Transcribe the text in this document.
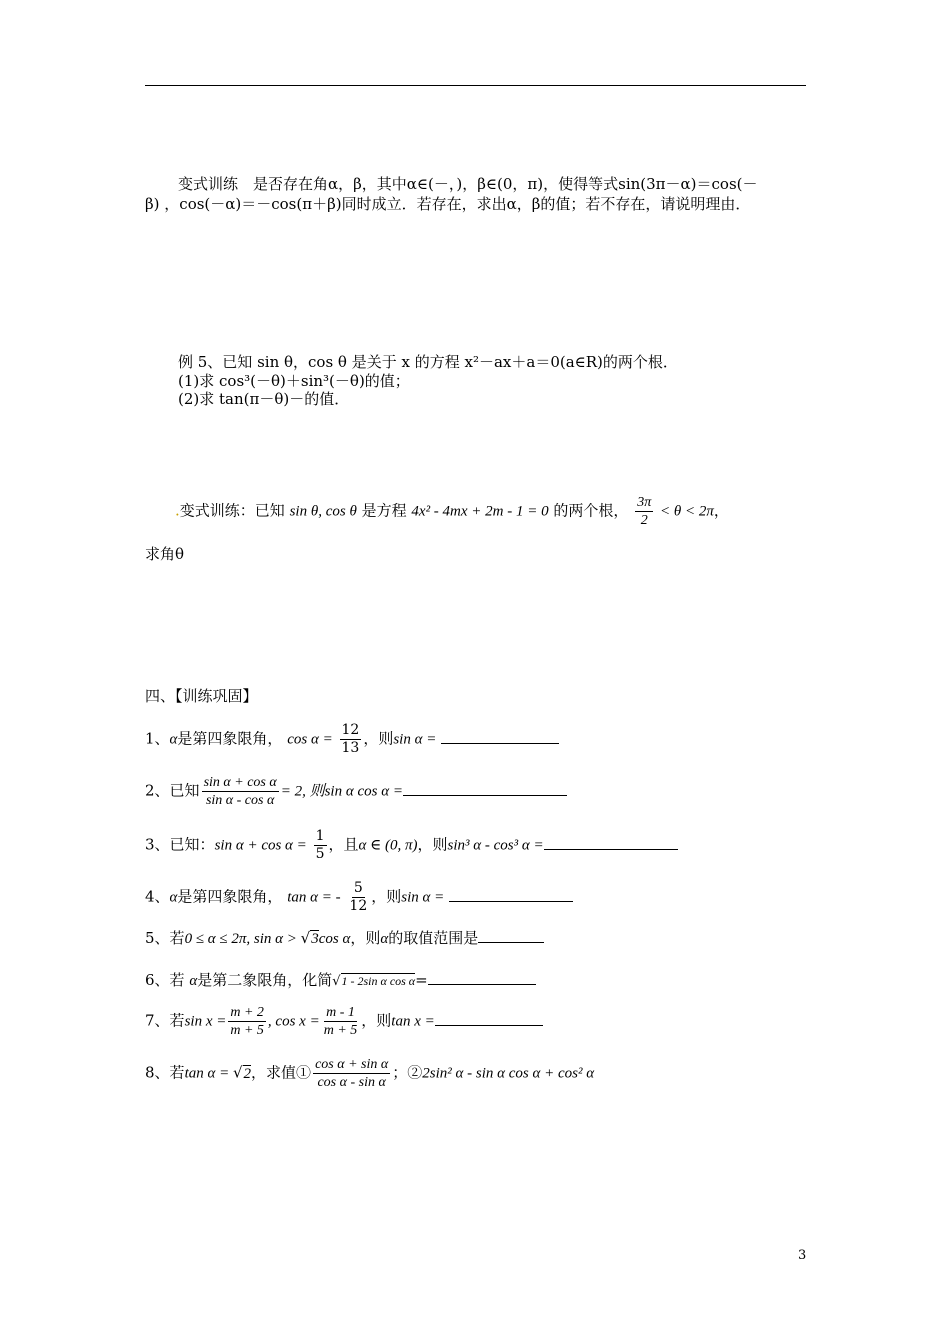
变式训练　是否存在角α，β，其中α∈(－，)，β∈(0，π)，使得等式sin(3π－α)＝cos(－
β) ，cos(－α)＝－cos(π＋β)同时成立．若存在，求出α，β的值；若不存在，请说明理由．
例 5、已知 sin θ，cos θ 是关于 x 的方程 x²－ax＋a＝0(a∈R)的两个根．
(1)求 cos³(－θ)＋sin³(－θ)的值；
(2)求 tan(π－θ)－的值．
.变式训练：已知 sin θ, cos θ 是方程 4x² - 4mx + 2m - 1 = 0 的两个根， $\frac{3\pi}{2} < \theta < 2\pi$，
求角θ
四、【训练巩固】
1、α是第四象限角， $\cos \alpha = \frac{12}{13}$ ，则sin α =
2、已知 $\frac{\text{sin α + cos α}}{\text{sin α - cos α}} = 2$, 则sin α cos α =
3、已知：$\sin \alpha + \cos \alpha = \frac{1}{5}$ ，且α ∈ (0, π)，则sin³ α - cos³ α =
4、α是第四象限角， tan α = - $\frac{5}{12}$ ，则sin α =
5、若0 ≤ α ≤ 2π, sin α > √3cos α，则α的取值范围是
6、若 α是第二象限角，化简√1 - 2sin α cos α=
7、若$\sin x = \frac{m + 2}{m + 5}$ , $\cos x = \frac{m - 1}{m + 5}$ ，则tan x =
8、若tan α = √2，求值① $\frac{\text{cos α + sin α}}{\text{cos α - sin α}}$ ；②2sin² α - sin α cos α + cos² α
3
